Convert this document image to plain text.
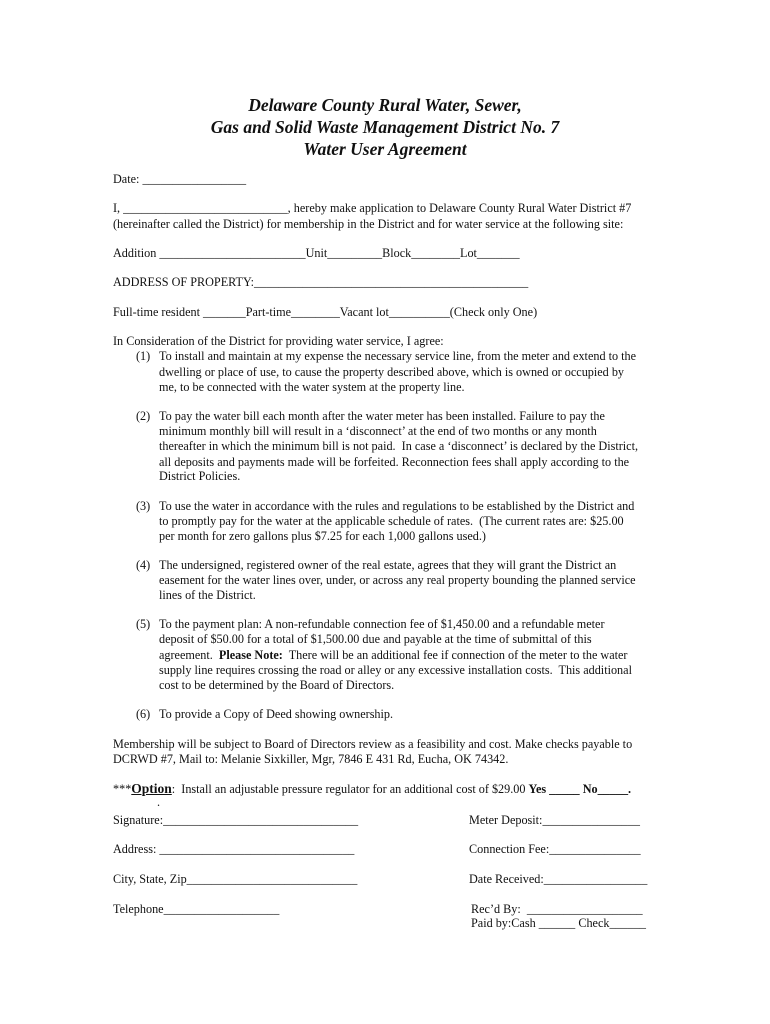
Delaware County Rural Water, Sewer,
Gas and Solid Waste Management District No. 7
Water User Agreement
Date: _________________
I, ___________________________, hereby make application to Delaware County Rural Water District #7
(hereinafter called the District) for membership in the District and for water service at the following site:
Addition ________________________Unit_________Block________Lot_______
ADDRESS OF PROPERTY:_____________________________________________
Full-time resident _______Part-time________Vacant lot__________(Check only One)
In Consideration of the District for providing water service, I agree:
(1) To install and maintain at my expense the necessary service line, from the meter and extend to the
dwelling or place of use, to cause the property described above, which is owned or occupied by
me, to be connected with the water system at the property line.
(2) To pay the water bill each month after the water meter has been installed. Failure to pay the
minimum monthly bill will result in a ‘disconnect’ at the end of two months or any month
thereafter in which the minimum bill is not paid.  In case a ‘disconnect’ is declared by the District,
all deposits and payments made will be forfeited. Reconnection fees shall apply according to the
District Policies.
(3) To use the water in accordance with the rules and regulations to be established by the District and
to promptly pay for the water at the applicable schedule of rates.  (The current rates are: $25.00
per month for zero gallons plus $7.25 for each 1,000 gallons used.)
(4) The undersigned, registered owner of the real estate, agrees that they will grant the District an
easement for the water lines over, under, or across any real property bounding the planned service
lines of the District.
(5) To the payment plan: A non-refundable connection fee of $1,450.00 and a refundable meter
deposit of $50.00 for a total of $1,500.00 due and payable at the time of submittal of this
agreement.  Please Note:  There will be an additional fee if connection of the meter to the water
supply line requires crossing the road or alley or any excessive installation costs.  This additional
cost to be determined by the Board of Directors.
(6) To provide a Copy of Deed showing ownership.
Membership will be subject to Board of Directors review as a feasibility and cost. Make checks payable to
DCRWD #7, Mail to: Melanie Sixkiller, Mgr, 7846 E 431 Rd, Eucha, OK 74342.
***Option:  Install an adjustable pressure regulator for an additional cost of $29.00 Yes _____ No_____.
.
Signature:________________________________
Address: ________________________________
City, State, Zip____________________________
Telephone___________________
Meter Deposit:________________
Connection Fee:_______________
Date Received:_________________
Rec’d By:  ___________________
Paid by:Cash ______ Check______
